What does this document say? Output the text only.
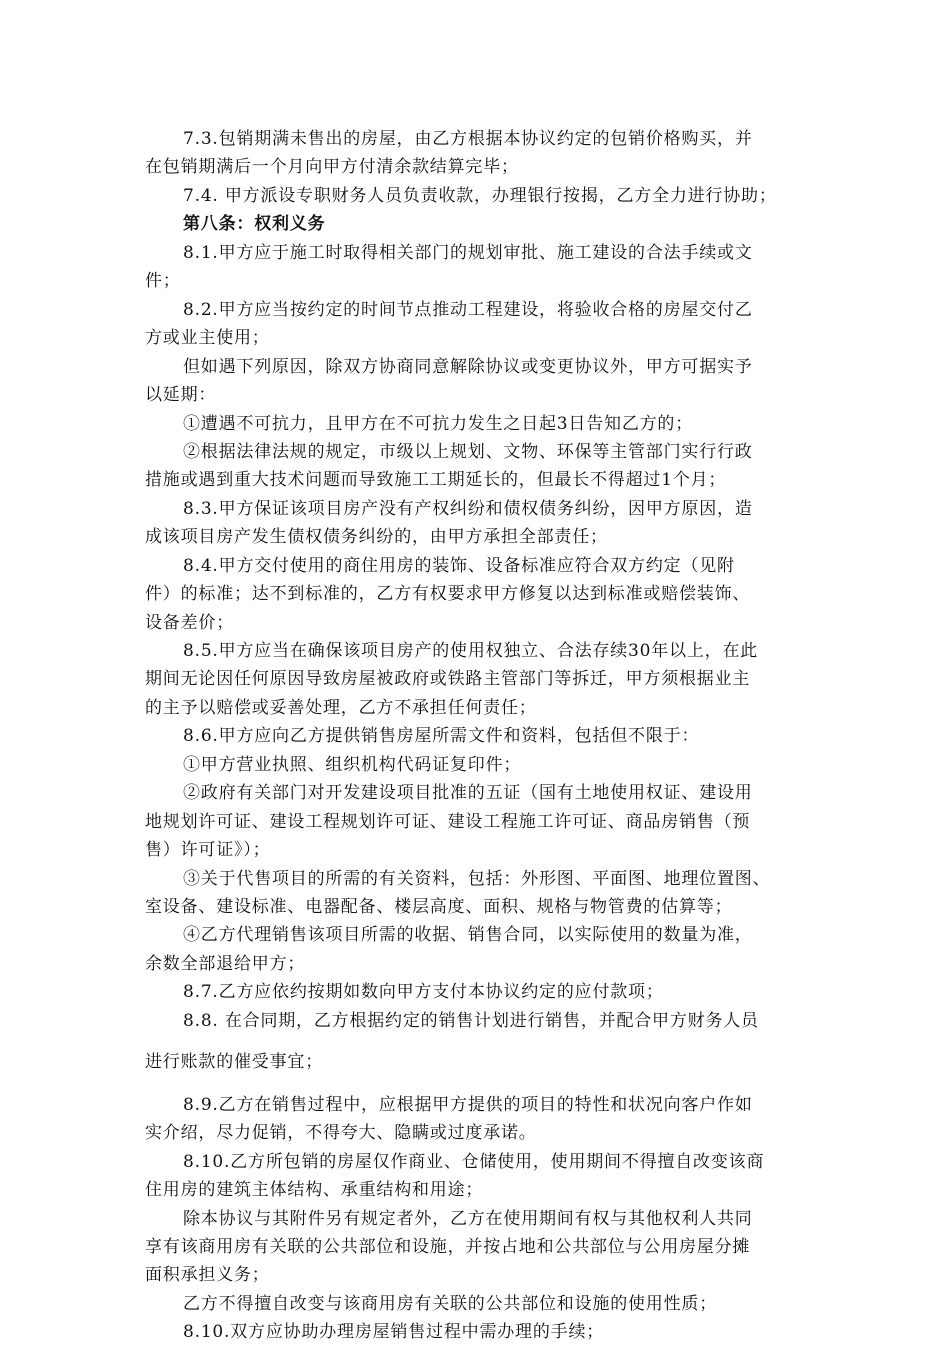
7.3.包销期满未售出的房屋，由乙方根据本协议约定的包销价格购买，并
在包销期满后一个月向甲方付清余款结算完毕；
7.4. 甲方派设专职财务人员负责收款，办理银行按揭，乙方全力进行协助；
第八条：权利义务
8.1.甲方应于施工时取得相关部门的规划审批、施工建设的合法手续或文
件；
8.2.甲方应当按约定的时间节点推动工程建设，将验收合格的房屋交付乙
方或业主使用；
但如遇下列原因，除双方协商同意解除协议或变更协议外，甲方可据实予
以延期：
①遭遇不可抗力，且甲方在不可抗力发生之日起3日告知乙方的；
②根据法律法规的规定，市级以上规划、文物、环保等主管部门实行行政
措施或遇到重大技术问题而导致施工工期延长的，但最长不得超过1个月；
8.3.甲方保证该项目房产没有产权纠纷和债权债务纠纷，因甲方原因，造
成该项目房产发生债权债务纠纷的，由甲方承担全部责任；
8.4.甲方交付使用的商住用房的装饰、设备标准应符合双方约定（见附
件）的标准；达不到标准的，乙方有权要求甲方修复以达到标准或赔偿装饰、
设备差价；
8.5.甲方应当在确保该项目房产的使用权独立、合法存续30年以上，在此
期间无论因任何原因导致房屋被政府或铁路主管部门等拆迁，甲方须根据业主
的主予以赔偿或妥善处理，乙方不承担任何责任；
8.6.甲方应向乙方提供销售房屋所需文件和资料，包括但不限于：
①甲方营业执照、组织机构代码证复印件；
②政府有关部门对开发建设项目批准的五证（国有土地使用权证、建设用
地规划许可证、建设工程规划许可证、建设工程施工许可证、商品房销售（预
售）许可证》）；
③关于代售项目的所需的有关资料，包括：外形图、平面图、地理位置图、
室设备、建设标准、电器配备、楼层高度、面积、规格与物管费的估算等；
④乙方代理销售该项目所需的收据、销售合同，以实际使用的数量为准，
余数全部退给甲方；
8.7.乙方应依约按期如数向甲方支付本协议约定的应付款项；
8.8. 在合同期，乙方根据约定的销售计划进行销售，并配合甲方财务人员
进行账款的催受事宜；
8.9.乙方在销售过程中，应根据甲方提供的项目的特性和状况向客户作如
实介绍，尽力促销，不得夸大、隐瞒或过度承诺。
8.10.乙方所包销的房屋仅作商业、仓储使用，使用期间不得擅自改变该商
住用房的建筑主体结构、承重结构和用途；
除本协议与其附件另有规定者外，乙方在使用期间有权与其他权利人共同
享有该商用房有关联的公共部位和设施，并按占地和公共部位与公用房屋分摊
面积承担义务；
乙方不得擅自改变与该商用房有关联的公共部位和设施的使用性质；
8.10.双方应协助办理房屋销售过程中需办理的手续；
